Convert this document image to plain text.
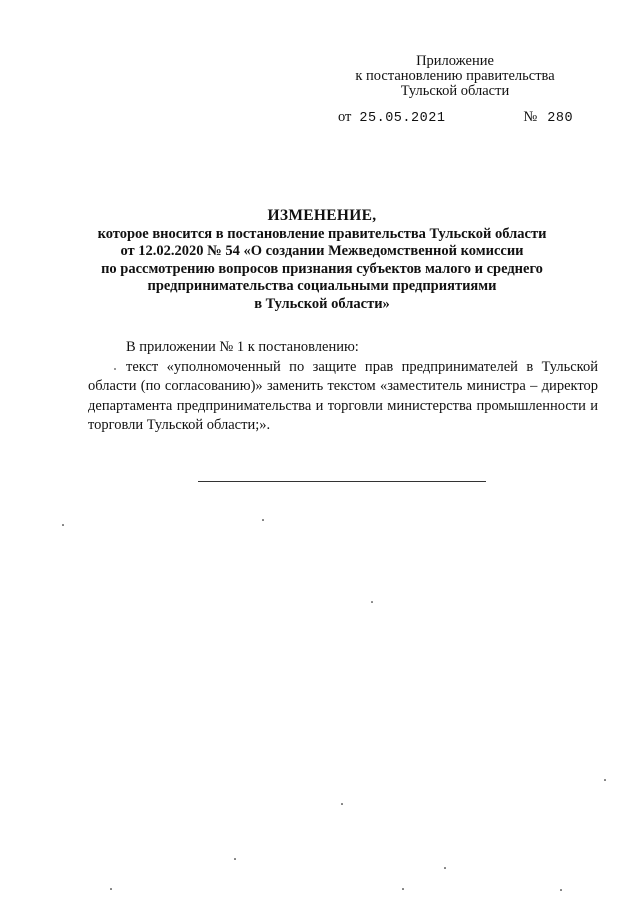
Приложение
к постановлению правительства
Тульской области
от 25.05.2021	№ 280
ИЗМЕНЕНИЕ,
которое вносится в постановление правительства Тульской области
от 12.02.2020 № 54 «О создании Межведомственной комиссии
по рассмотрению вопросов признания субъектов малого и среднего
предпринимательства социальными предприятиями
в Тульской области»

В приложении № 1 к постановлению:

текст «уполномоченный по защите прав предпринимателей в Тульской области (по согласованию)» заменить текстом «заместитель министра – директор департамента предпринимательства и торговли министерства промышленности и торговли Тульской области;».
